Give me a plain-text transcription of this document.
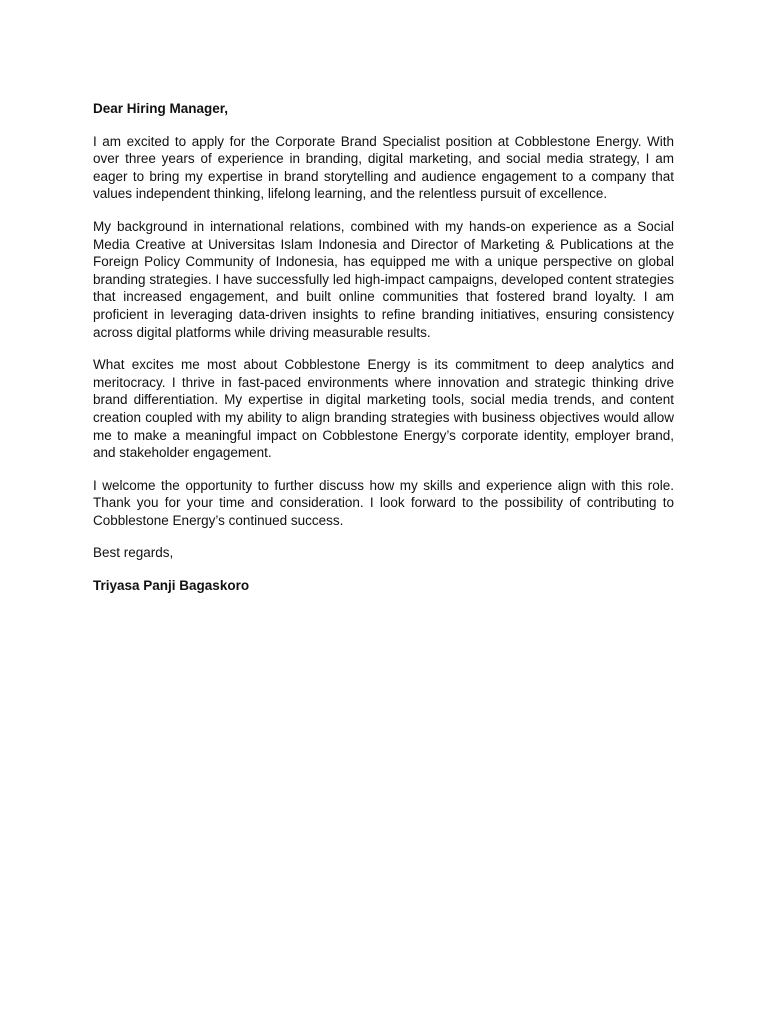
Dear Hiring Manager,

I am excited to apply for the Corporate Brand Specialist position at Cobblestone Energy. With over three years of experience in branding, digital marketing, and social media strategy, I am eager to bring my expertise in brand storytelling and audience engagement to a company that values independent thinking, lifelong learning, and the relentless pursuit of excellence.

My background in international relations, combined with my hands-on experience as a Social Media Creative at Universitas Islam Indonesia and Director of Marketing & Publications at the Foreign Policy Community of Indonesia, has equipped me with a unique perspective on global branding strategies. I have successfully led high-impact campaigns, developed content strategies that increased engagement, and built online communities that fostered brand loyalty. I am proficient in leveraging data-driven insights to refine branding initiatives, ensuring consistency across digital platforms while driving measurable results.

What excites me most about Cobblestone Energy is its commitment to deep analytics and meritocracy. I thrive in fast-paced environments where innovation and strategic thinking drive brand differentiation. My expertise in digital marketing tools, social media trends, and content creation coupled with my ability to align branding strategies with business objectives would allow me to make a meaningful impact on Cobblestone Energy’s corporate identity, employer brand, and stakeholder engagement.

I welcome the opportunity to further discuss how my skills and experience align with this role. Thank you for your time and consideration. I look forward to the possibility of contributing to Cobblestone Energy’s continued success.

Best regards,

Triyasa Panji Bagaskoro
